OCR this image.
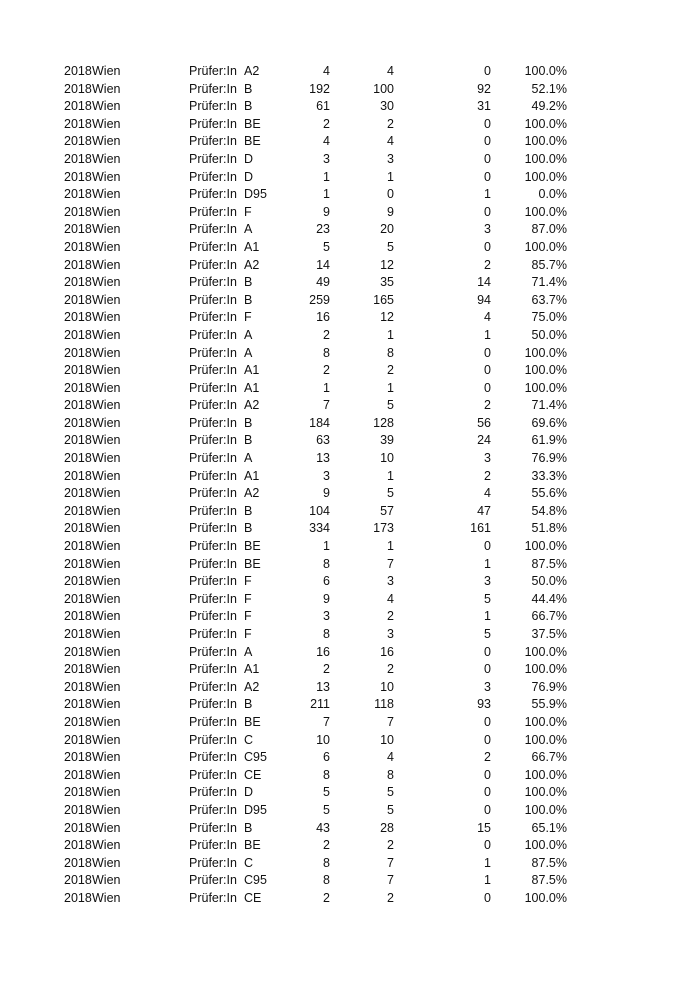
2018 Wien	Prüfer:In A2	4	4	0	100.0%
2018 Wien	Prüfer:In B	192	100	92	52.1%
2018 Wien	Prüfer:In B	61	30	31	49.2%
2018 Wien	Prüfer:In BE	2	2	0	100.0%
2018 Wien	Prüfer:In BE	4	4	0	100.0%
2018 Wien	Prüfer:In D	3	3	0	100.0%
2018 Wien	Prüfer:In D	1	1	0	100.0%
2018 Wien	Prüfer:In D95	1	0	1	0.0%
2018 Wien	Prüfer:In F	9	9	0	100.0%
2018 Wien	Prüfer:In A	23	20	3	87.0%
2018 Wien	Prüfer:In A1	5	5	0	100.0%
2018 Wien	Prüfer:In A2	14	12	2	85.7%
2018 Wien	Prüfer:In B	49	35	14	71.4%
2018 Wien	Prüfer:In B	259	165	94	63.7%
2018 Wien	Prüfer:In F	16	12	4	75.0%
2018 Wien	Prüfer:In A	2	1	1	50.0%
2018 Wien	Prüfer:In A	8	8	0	100.0%
2018 Wien	Prüfer:In A1	2	2	0	100.0%
2018 Wien	Prüfer:In A1	1	1	0	100.0%
2018 Wien	Prüfer:In A2	7	5	2	71.4%
2018 Wien	Prüfer:In B	184	128	56	69.6%
2018 Wien	Prüfer:In B	63	39	24	61.9%
2018 Wien	Prüfer:In A	13	10	3	76.9%
2018 Wien	Prüfer:In A1	3	1	2	33.3%
2018 Wien	Prüfer:In A2	9	5	4	55.6%
2018 Wien	Prüfer:In B	104	57	47	54.8%
2018 Wien	Prüfer:In B	334	173	161	51.8%
2018 Wien	Prüfer:In BE	1	1	0	100.0%
2018 Wien	Prüfer:In BE	8	7	1	87.5%
2018 Wien	Prüfer:In F	6	3	3	50.0%
2018 Wien	Prüfer:In F	9	4	5	44.4%
2018 Wien	Prüfer:In F	3	2	1	66.7%
2018 Wien	Prüfer:In F	8	3	5	37.5%
2018 Wien	Prüfer:In A	16	16	0	100.0%
2018 Wien	Prüfer:In A1	2	2	0	100.0%
2018 Wien	Prüfer:In A2	13	10	3	76.9%
2018 Wien	Prüfer:In B	211	118	93	55.9%
2018 Wien	Prüfer:In BE	7	7	0	100.0%
2018 Wien	Prüfer:In C	10	10	0	100.0%
2018 Wien	Prüfer:In C95	6	4	2	66.7%
2018 Wien	Prüfer:In CE	8	8	0	100.0%
2018 Wien	Prüfer:In D	5	5	0	100.0%
2018 Wien	Prüfer:In D95	5	5	0	100.0%
2018 Wien	Prüfer:In B	43	28	15	65.1%
2018 Wien	Prüfer:In BE	2	2	0	100.0%
2018 Wien	Prüfer:In C	8	7	1	87.5%
2018 Wien	Prüfer:In C95	8	7	1	87.5%
2018 Wien	Prüfer:In CE	2	2	0	100.0%
